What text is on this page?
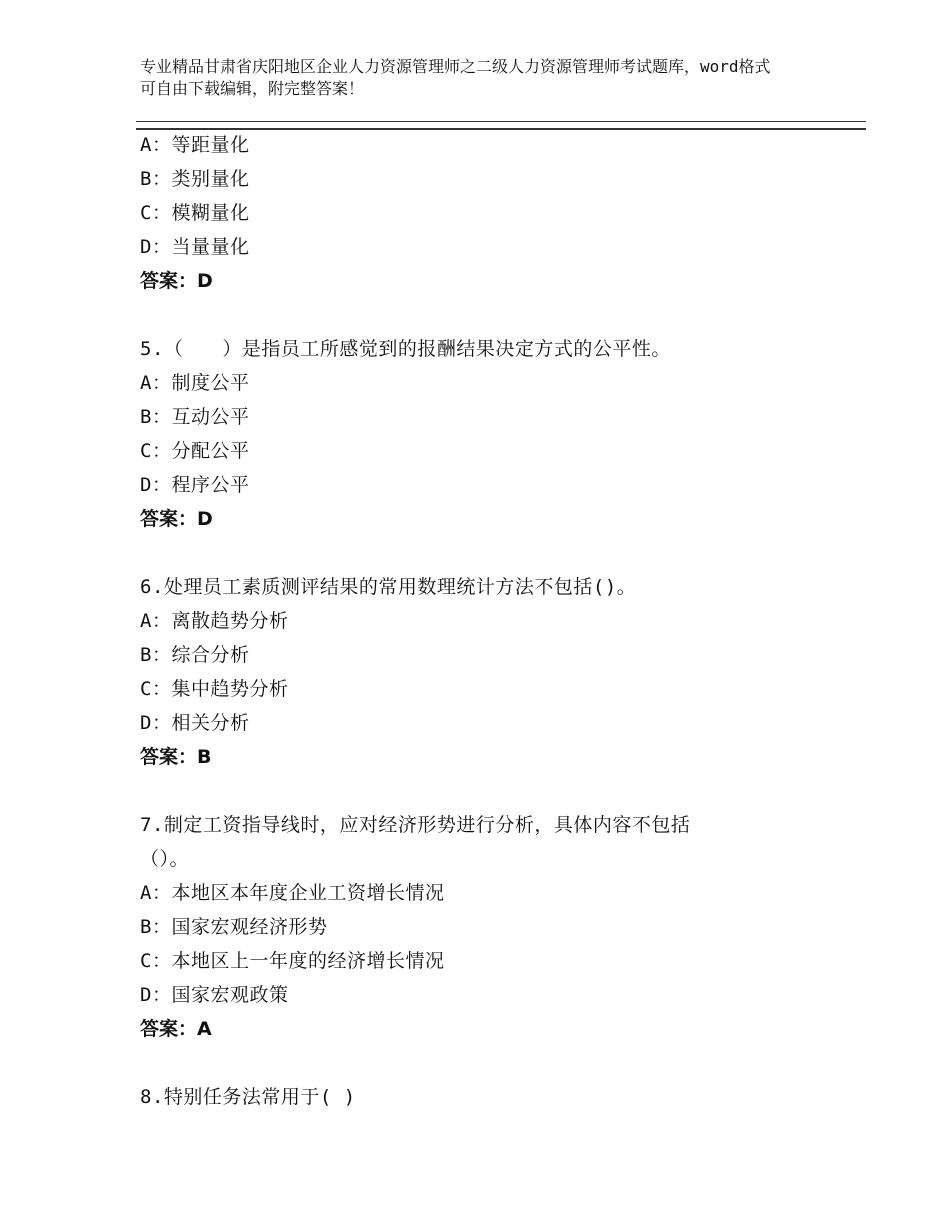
专业精品甘肃省庆阳地区企业人力资源管理师之二级人力资源管理师考试题库，word格式可自由下载编辑，附完整答案！
A：等距量化
B：类别量化
C：模糊量化
D：当量量化
答案：D
5.（　　）是指员工所感觉到的报酬结果决定方式的公平性。
A：制度公平
B：互动公平
C：分配公平
D：程序公平
答案：D
6.处理员工素质测评结果的常用数理统计方法不包括()。
A：离散趋势分析
B：综合分析
C：集中趋势分析
D：相关分析
答案：B
7.制定工资指导线时，应对经济形势进行分析，具体内容不包括
（）。
A：本地区本年度企业工资增长情况
B：国家宏观经济形势
C：本地区上一年度的经济增长情况
D：国家宏观政策
答案：A
8.特别任务法常用于( )
